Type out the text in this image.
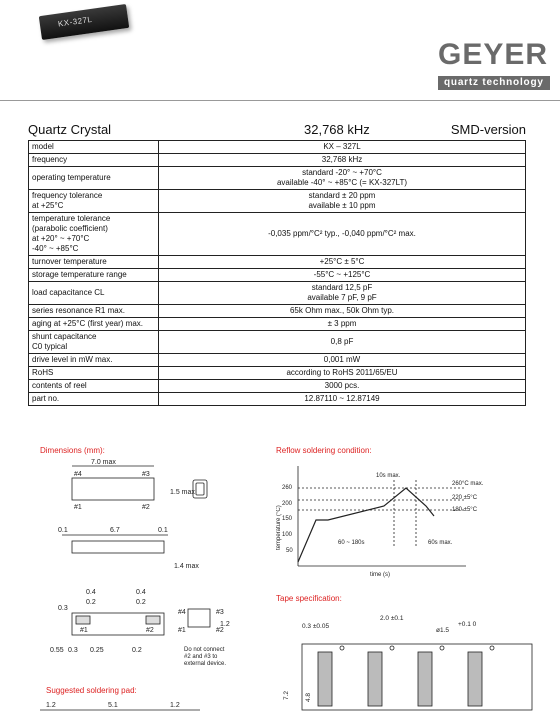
KX-327L
GEYER
quartz technology
Quartz Crystal	32,768 kHz	SMD-version
model	KX – 327L
frequency	32,768 kHz
operating temperature	standard -20° ~ +70°C
available -40° ~ +85°C (= KX-327LT)
frequency tolerance
at +25°C	standard ± 20 ppm
available ± 10 ppm
temperature tolerance
(parabolic coefficient)
at +20° ~ +70°C
-40° ~ +85°C	-0,035 ppm/°C² typ., -0,040 ppm/°C² max.
turnover temperature	+25°C ± 5°C
storage temperature range	-55°C ~ +125°C
load capacitance CL	standard 12,5 pF
available 7 pF, 9 pF
series resonance R1 max.	65k Ohm max., 50k Ohm typ.
aging at +25°C (first year) max.	± 3 ppm
shunt capacitance
C0 typical	0,8 pF
drive level in mW max.	0,001 mW
RoHS	according to RoHS 2011/65/EU
contents of reel	3000 pcs.
part no.	12.87110 ~ 12.87149
Dimensions (mm):
7.0 max
#4	#3
#1	#2
1.5 max
0.1	6.7	0.1
1.4 max
0.4
0.2
0.4
0.2
0.3
#1	#2
0.55 0.3 0.25	0.2
#4	#3
#1	#2
1.2
Do not connect #2 and #3 to external device.
Suggested soldering pad:
1.2	5.1	1.2
Reflow soldering condition:
260
200
150
100
50
10s max.
260°C max.
220 ±5°C
180 ±5°C
60 ~ 180s	60s max.
time (s)
temperature (°C)
Tape specification:
0.3 ±0.05
2.0 ±0.1
ø1.5
+0.1 0
7.2 4.8
